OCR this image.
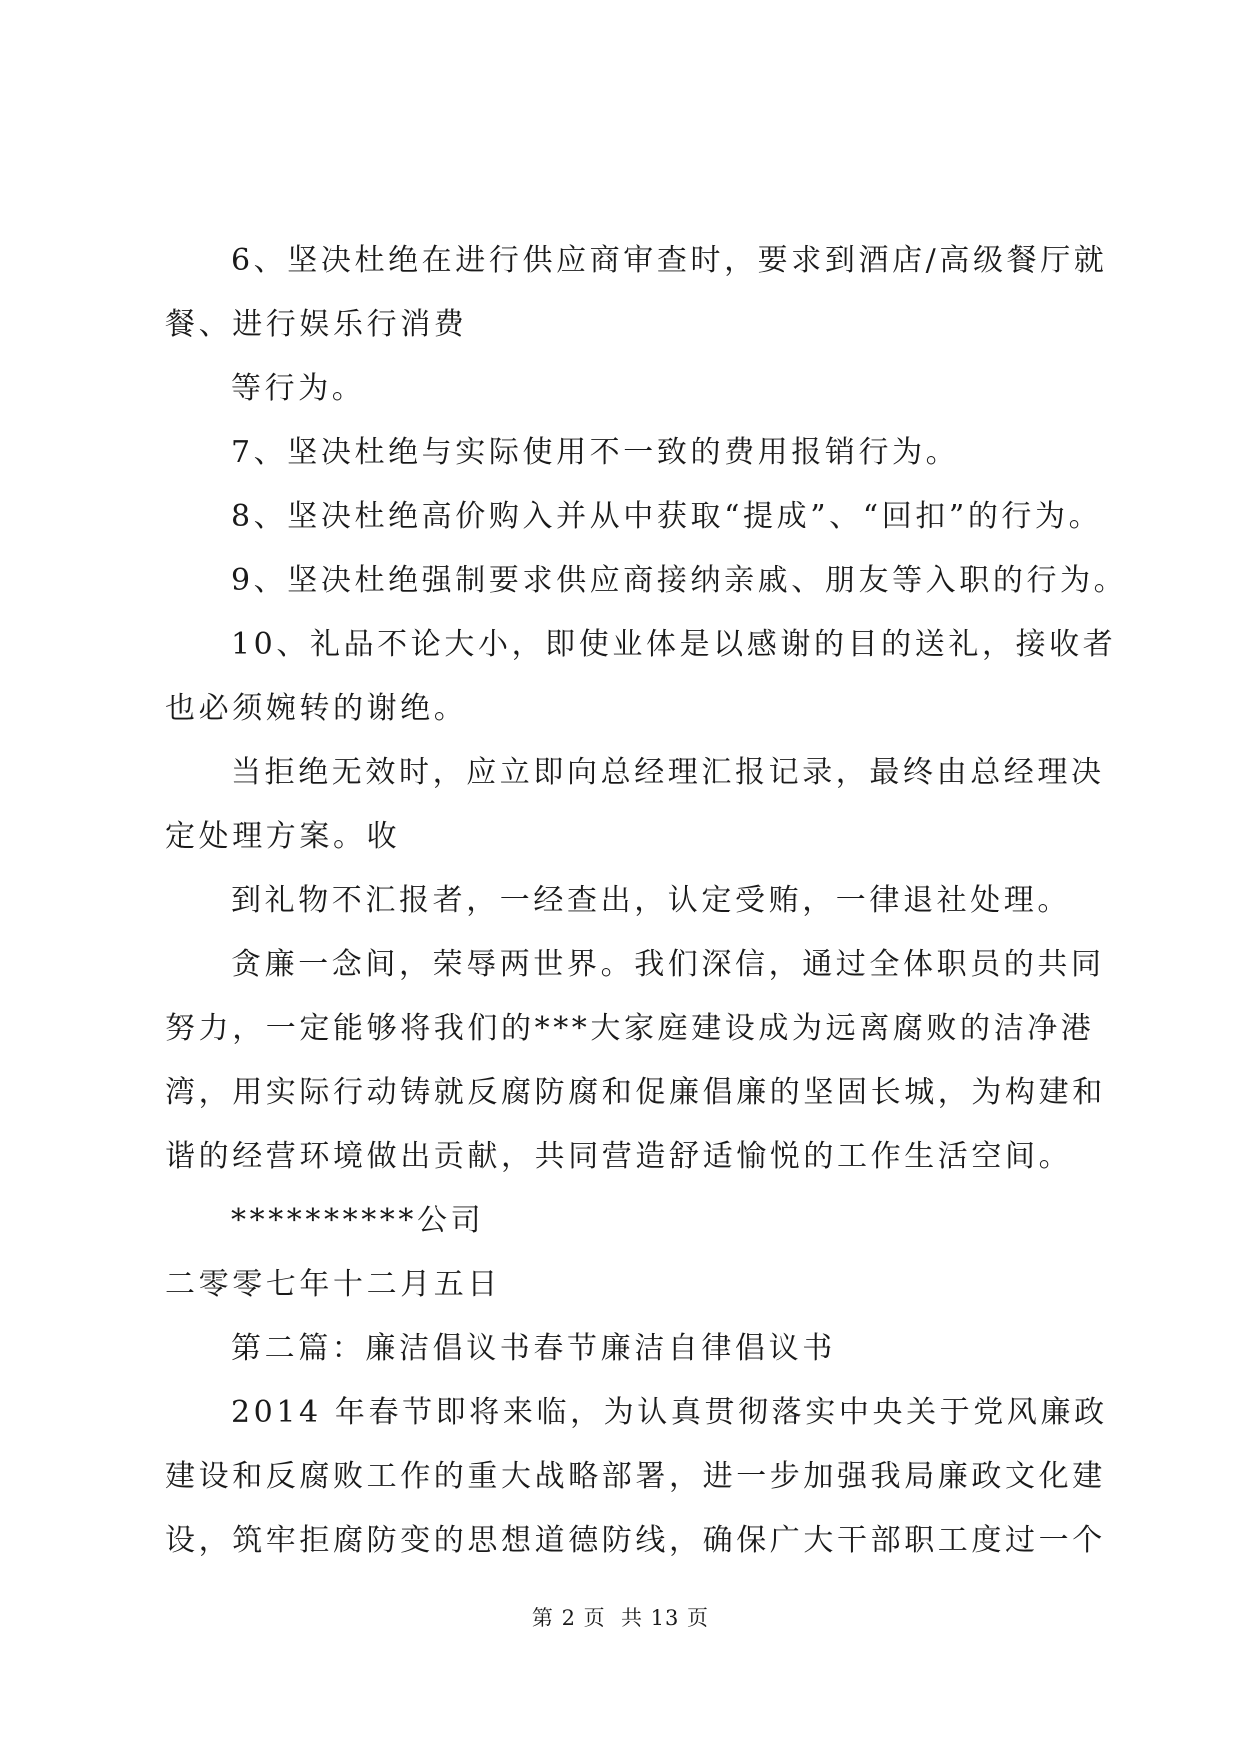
6、坚决杜绝在进行供应商审查时，要求到酒店/高级餐厅就
餐、进行娱乐行消费
等行为。
7、坚决杜绝与实际使用不一致的费用报销行为。
8、坚决杜绝高价购入并从中获取“提成”、“回扣”的行为。
9、坚决杜绝强制要求供应商接纳亲戚、朋友等入职的行为。
10、礼品不论大小，即使业体是以感谢的目的送礼，接收者
也必须婉转的谢绝。
当拒绝无效时，应立即向总经理汇报记录，最终由总经理决
定处理方案。收
到礼物不汇报者，一经查出，认定受贿，一律退社处理。
贪廉一念间，荣辱两世界。我们深信，通过全体职员的共同
努力，一定能够将我们的***大家庭建设成为远离腐败的洁净港
湾，用实际行动铸就反腐防腐和促廉倡廉的坚固长城，为构建和
谐的经营环境做出贡献，共同营造舒适愉悦的工作生活空间。
**********公司
二零零七年十二月五日
第二篇：廉洁倡议书春节廉洁自律倡议书
2014 年春节即将来临，为认真贯彻落实中央关于党风廉政
建设和反腐败工作的重大战略部署，进一步加强我局廉政文化建
设，筑牢拒腐防变的思想道德防线，确保广大干部职工度过一个
第 2 页  共 13 页
